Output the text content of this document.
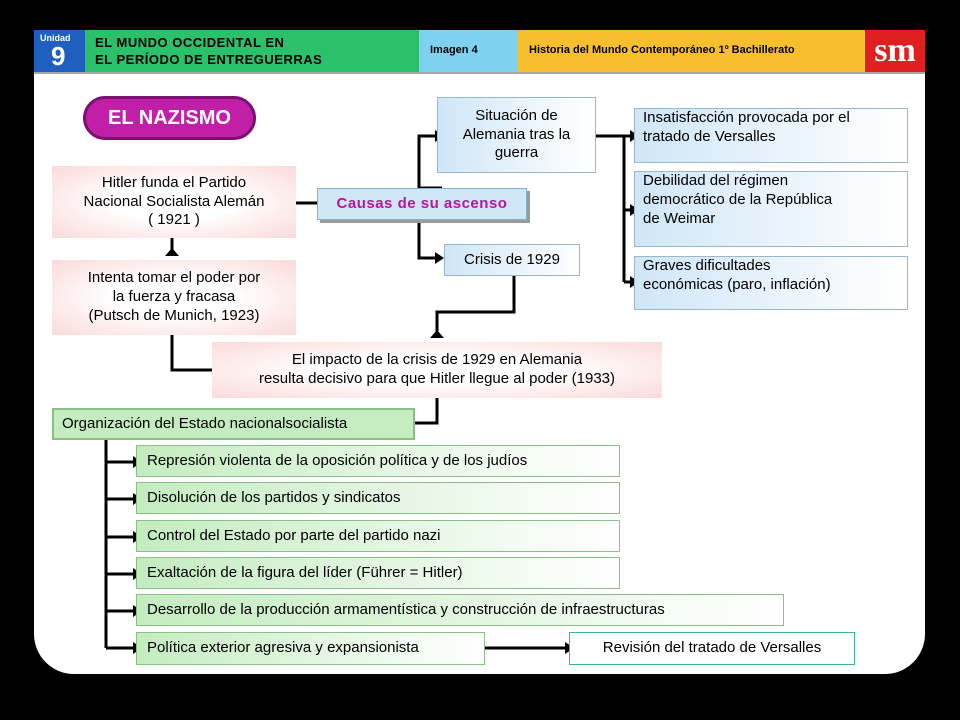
Unidad
9 EL MUNDO OCCIDENTAL EN
EL PERÍODO DE ENTREGUERRAS
Imagen 4	Historia del Mundo Contemporáneo 1º Bachillerato sm
EL NAZISMO
Hitler funda el Partido
Nacional Socialista Alemán
( 1921 )
Intenta tomar el poder por
la fuerza y fracasa
(Putsch de Munich, 1923)
Causas de su ascenso
Situación de
Alemania tras la
guerra
Crisis de 1929
Insatisfacción provocada por el
tratado de Versalles
Debilidad del régimen
democrático de la República
de Weimar
Graves dificultades
económicas (paro, inflación)
El impacto de la crisis de 1929 en Alemania
resulta decisivo para que Hitler llegue al poder (1933)
Organización del Estado nacionalsocialista
Represión violenta de la oposición política y de los judíos
Disolución de los partidos y sindicatos
Control del Estado por parte del partido nazi
Exaltación de la figura del líder (Führer = Hitler)
Desarrollo de la producción armamentística y construcción de infraestructuras
Política exterior agresiva y expansionista	Revisión del tratado de Versalles
